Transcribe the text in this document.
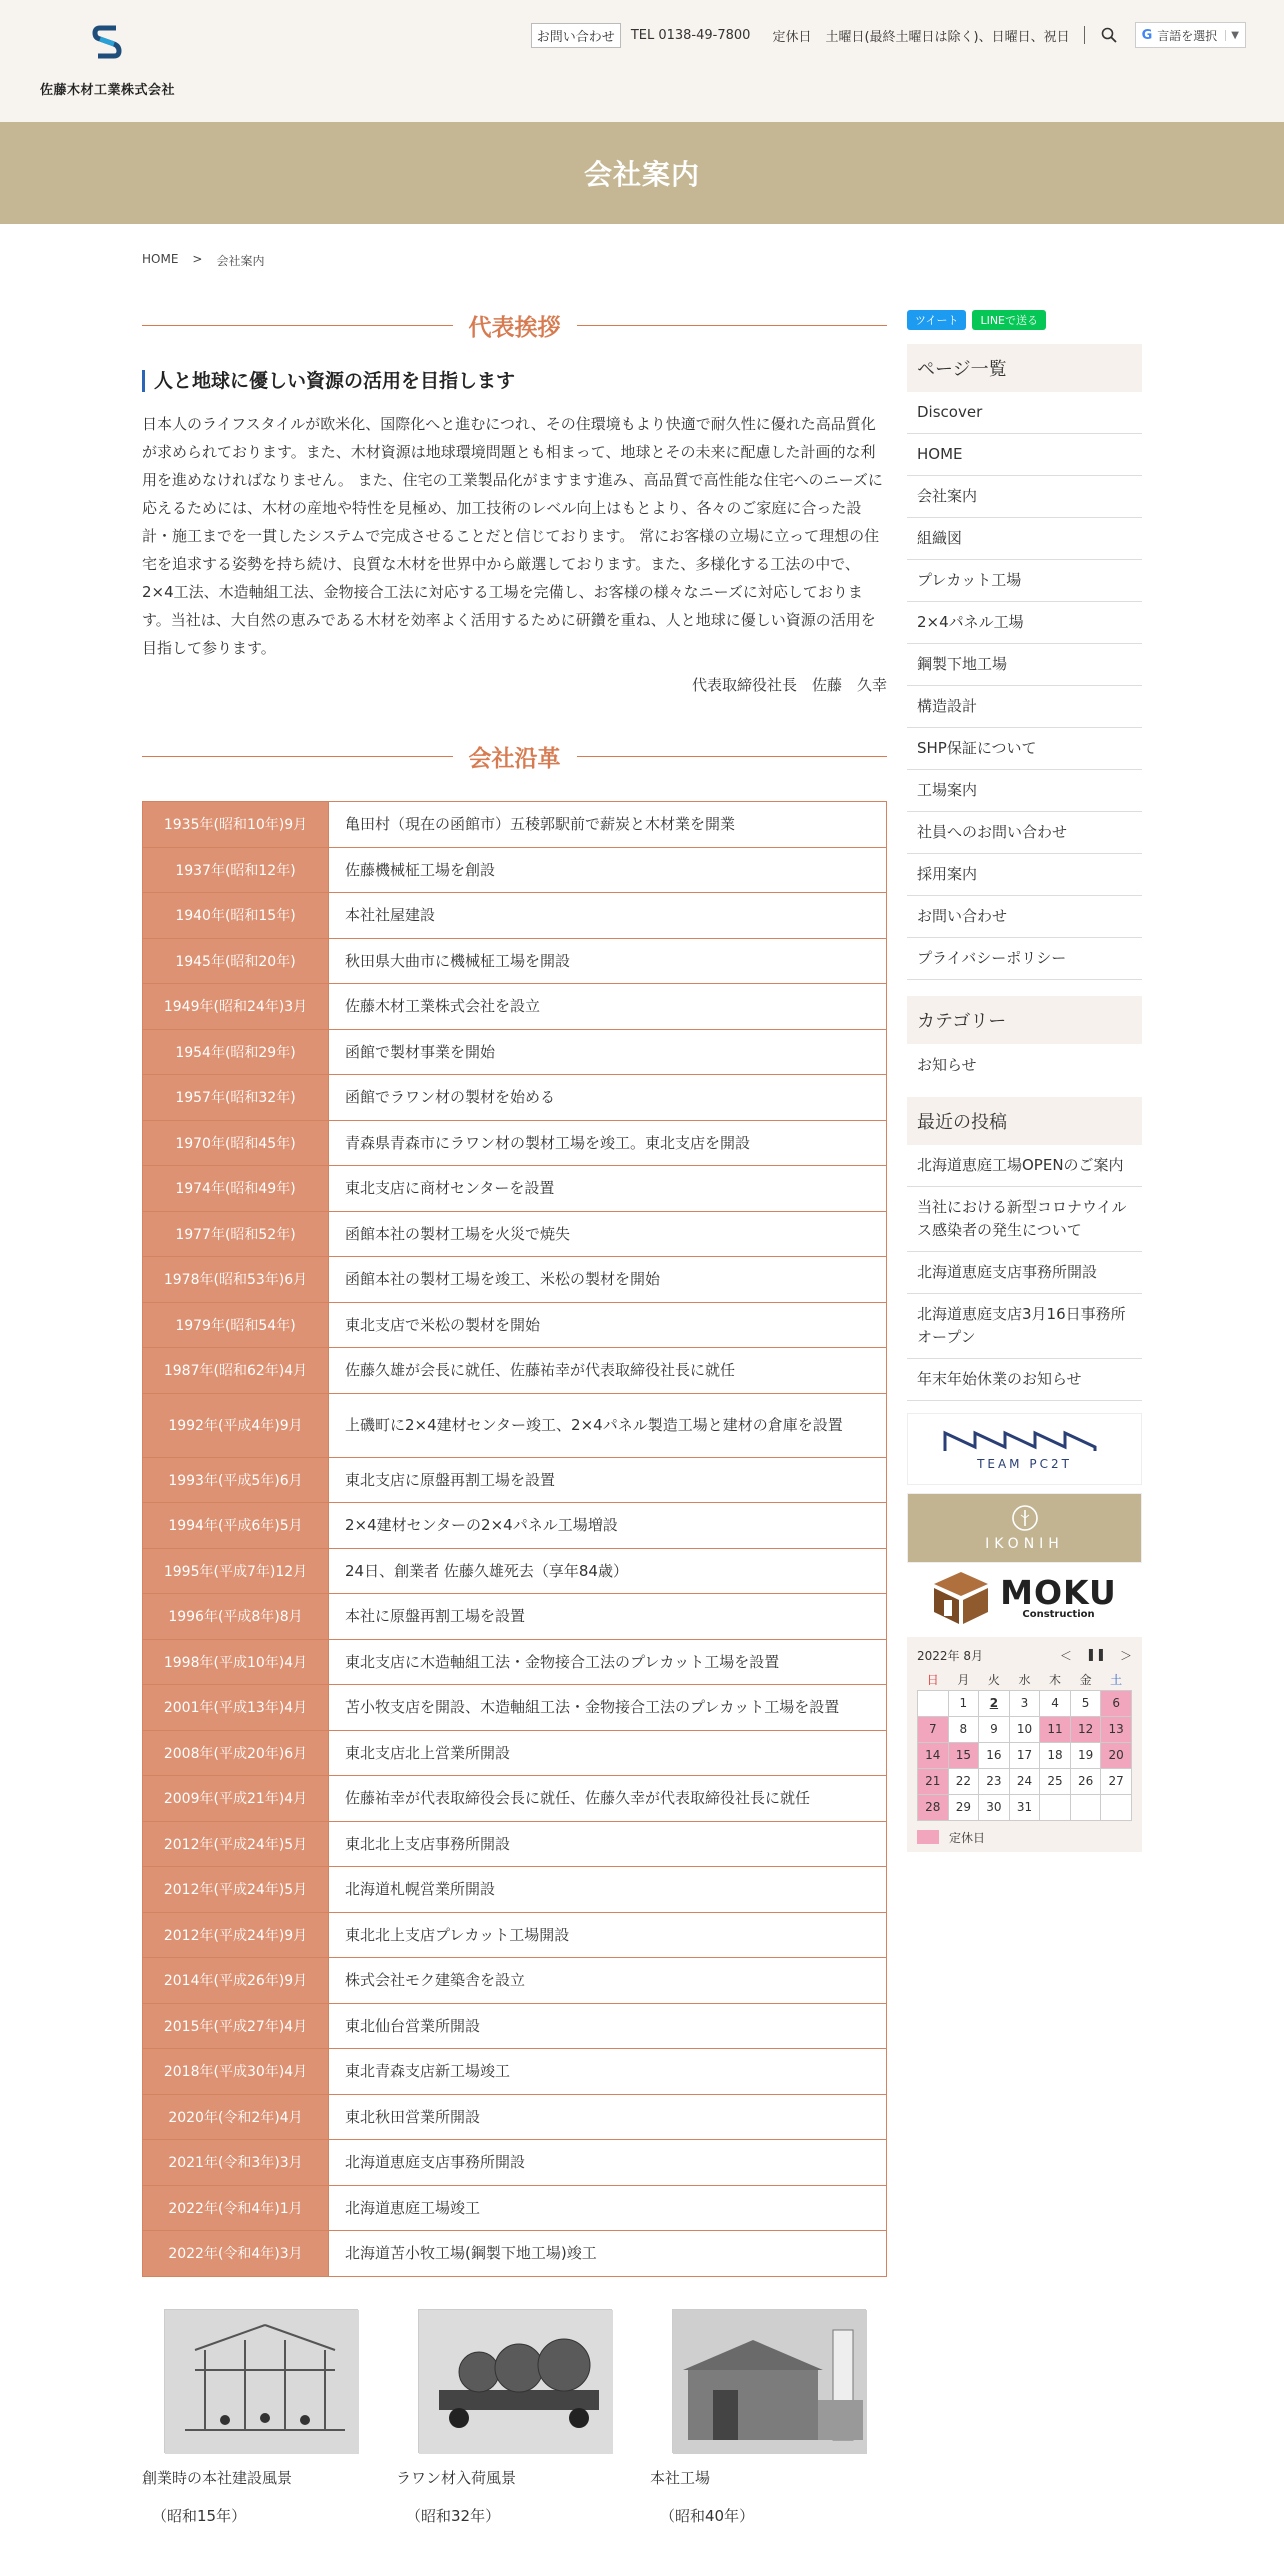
佐藤木材工業株式会社
お問い合わせ	TEL 0138-49-7800 定休日 土曜日(最終土曜日は除く)、日曜日、祝日	G 言語を選択	▼
会社案内
HOME > 会社案内
代表挨拶
人と地球に優しい資源の活用を目指します

日本人のライフスタイルが欧米化、国際化へと進むにつれ、その住環境もより快適で耐久性に優れた高品質化が求められております。また、木材資源は地球環境問題とも相まって、地球とその未来に配慮した計画的な利用を進めなければなりません。 また、住宅の工業製品化がますます進み、高品質で高性能な住宅へのニーズに応えるためには、木材の産地や特性を見極め、加工技術のレベル向上はもとより、各々のご家庭に合った設計・施工までを一貫したシステムで完成させることだと信じております。 常にお客様の立場に立って理想の住宅を追求する姿勢を持ち続け、良質な木材を世界中から厳選しております。また、多様化する工法の中で、2×4工法、木造軸組工法、金物接合工法に対応する工場を完備し、お客様の様々なニーズに対応しております。当社は、大自然の恵みである木材を効率よく活用するために研鑽を重ね、人と地球に優しい資源の活用を目指して参ります。

代表取締役社長　佐藤　久幸
会社沿革
1935年(昭和10年)9月	亀田村（現在の函館市）五稜郭駅前で薪炭と木材業を開業
1937年(昭和12年)	佐藤機械柾工場を創設
1940年(昭和15年)	本社社屋建設
1945年(昭和20年)	秋田県大曲市に機械柾工場を開設
1949年(昭和24年)3月	佐藤木材工業株式会社を設立
1954年(昭和29年)	函館で製材事業を開始
1957年(昭和32年)	函館でラワン材の製材を始める
1970年(昭和45年)	青森県青森市にラワン材の製材工場を竣工。東北支店を開設
1974年(昭和49年)	東北支店に商材センターを設置
1977年(昭和52年)	函館本社の製材工場を火災で焼失
1978年(昭和53年)6月	函館本社の製材工場を竣工、米松の製材を開始
1979年(昭和54年)	東北支店で米松の製材を開始
1987年(昭和62年)4月	佐藤久雄が会長に就任、佐藤祐幸が代表取締役社長に就任
1992年(平成4年)9月	上磯町に2×4建材センター竣工、2×4パネル製造工場と建材の倉庫を設置
1993年(平成5年)6月	東北支店に原盤再割工場を設置
1994年(平成6年)5月	2×4建材センターの2×4パネル工場増設
1995年(平成7年)12月	24日、創業者 佐藤久雄死去（享年84歳）
1996年(平成8年)8月	本社に原盤再割工場を設置
1998年(平成10年)4月	東北支店に木造軸組工法・金物接合工法のプレカット工場を設置
2001年(平成13年)4月	苫小牧支店を開設、木造軸組工法・金物接合工法のプレカット工場を設置
2008年(平成20年)6月	東北支店北上営業所開設
2009年(平成21年)4月	佐藤祐幸が代表取締役会長に就任、佐藤久幸が代表取締役社長に就任
2012年(平成24年)5月	東北北上支店事務所開設
2012年(平成24年)5月	北海道札幌営業所開設
2012年(平成24年)9月	東北北上支店プレカット工場開設
2014年(平成26年)9月	株式会社モク建築舎を設立
2015年(平成27年)4月	東北仙台営業所開設
2018年(平成30年)4月	東北青森支店新工場竣工
2020年(令和2年)4月	東北秋田営業所開設
2021年(令和3年)3月	北海道恵庭支店事務所開設
2022年(令和4年)1月	北海道恵庭工場竣工
2022年(令和4年)3月	北海道苫小牧工場(鋼製下地工場)竣工
創業時の本社建設風景
（昭和15年）
ラワン材入荷風景
（昭和32年）
本社工場
（昭和40年）
ツイート	LINEで送る
ページ一覧
Discover
HOME
会社案内
組織図
プレカット工場
2×4パネル工場
鋼製下地工場
構造設計
SHP保証について
工場案内
社員へのお問い合わせ
採用案内
お問い合わせ
プライバシーポリシー
カテゴリー
お知らせ
最近の投稿
北海道恵庭工場OPENのご案内
当社における新型コロナウイルス感染者の発生について
北海道恵庭支店事務所開設
北海道恵庭支店3月16日事務所オープン
年末年始休業のお知らせ
TEAM PC2T
IKONIH
MOKU
Construction
2022年 8月	＜ ❚❚ ＞
日	月	火	水	木	金	土
	1	2	3	4	5	6
7	8	9	10	11	12	13
14	15	16	17	18	19	20
21	22	23	24	25	26	27
28	29	30	31			
定休日
